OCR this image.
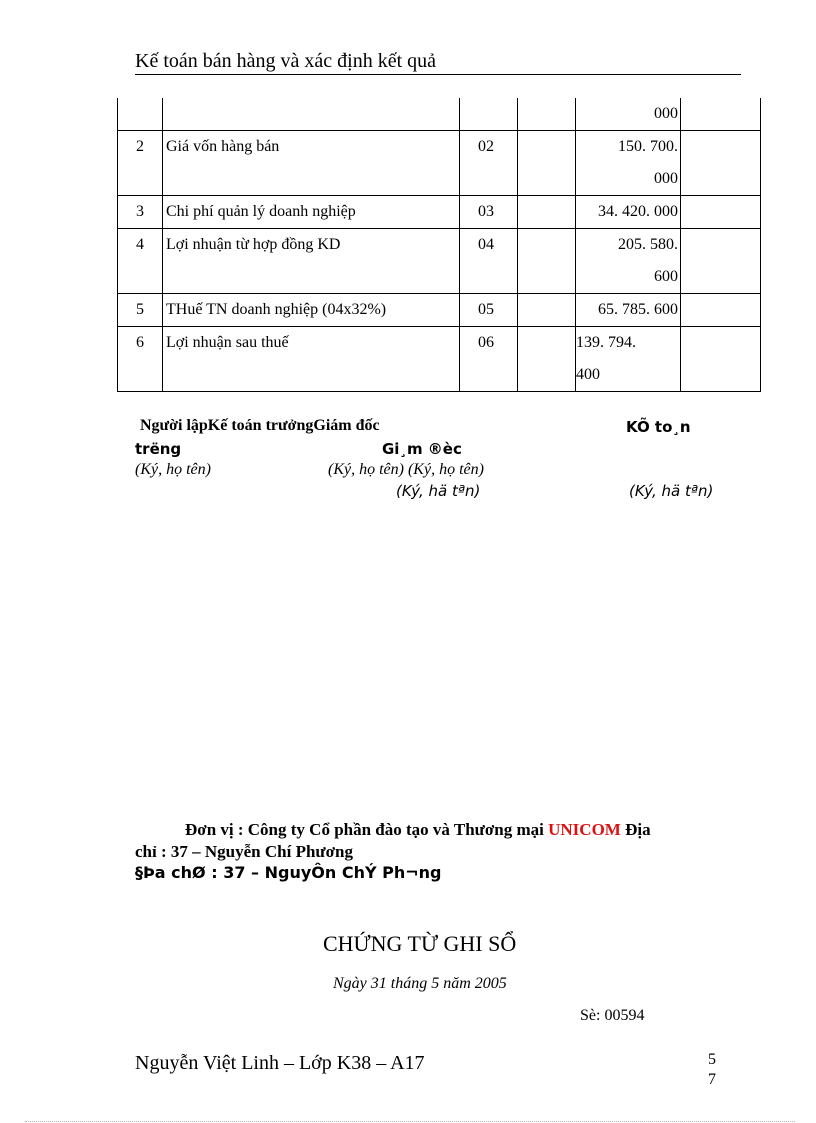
Kế toán bán hàng và xác định kết quả

				000	

2	Giá vốn hàng bán	02		150. 700.
000	

3	Chi phí quản lý doanh nghiệp	03		34. 420. 000	

4	Lợi nhuận từ hợp đồng KD	04		205. 580.
600	

5	THuế TN doanh nghiệp (04x32%)	05		65. 785. 600	

6	Lợi nhuận sau thuế	06		139. 794.
400	

Người lậpKế toán trưởngGiám đốc	KÕ to¸n
trëng	Gi¸m ®èc
(Ký, họ tên)	(Ký, họ tên) (Ký, họ tên)
(Ký, hä tªn)	(Ký, hä tªn)
Đơn vị : Công ty Cổ phần đào tạo và Thương mại UNICOM Địa
chỉ : 37 – Nguyễn Chí Phương
§Þa chØ : 37 – NguyÔn ChÝ Ph¬ng
CHỨNG TỪ GHI SỔ
Ngày 31 tháng 5 năm 2005
Sè: 00594
Nguyễn Việt Linh – Lớp K38 – A17	5
7
